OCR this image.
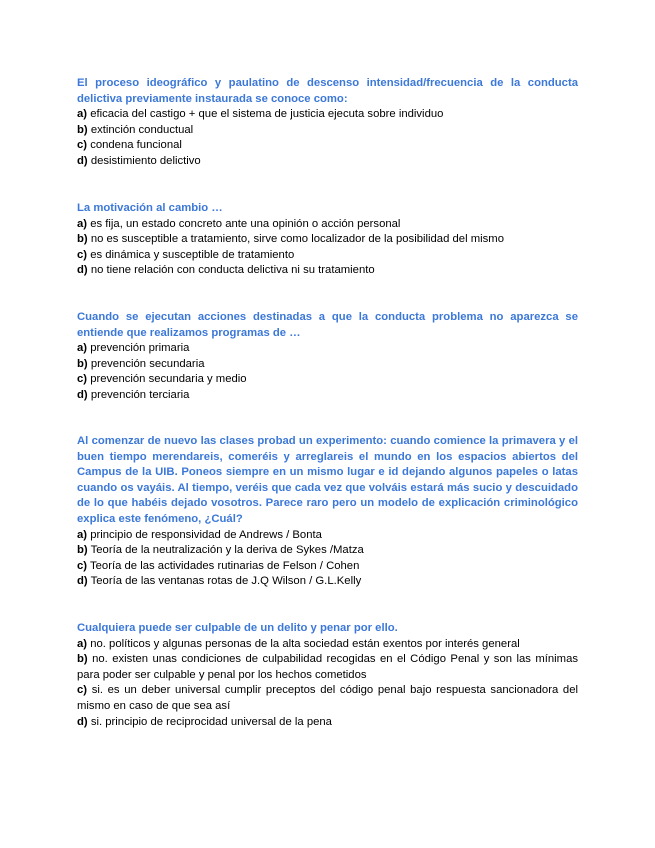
El proceso ideográfico y paulatino de descenso intensidad/frecuencia de la conducta delictiva previamente instaurada se conoce como:

a) eficacia del castigo + que el sistema de justicia ejecuta sobre individuo
b) extinción conductual
c) condena funcional
d) desistimiento delictivo

La motivación al cambio …

a) es fija, un estado concreto ante una opinión o acción personal
b) no es susceptible a tratamiento, sirve como localizador de la posibilidad del mismo
c) es dinámica y susceptible de tratamiento
d) no tiene relación con conducta delictiva ni su tratamiento

Cuando se ejecutan acciones destinadas a que la conducta problema no aparezca se entiende que realizamos programas de …

a) prevención primaria
b) prevención secundaria
c) prevención secundaria y medio
d) prevención terciaria

Al comenzar de nuevo las clases probad un experimento: cuando comience la primavera y el buen tiempo merendareis, comeréis y arreglareis el mundo en los espacios abiertos del Campus de la UIB. Poneos siempre en un mismo lugar e id dejando algunos papeles o latas cuando os vayáis. Al tiempo, veréis que cada vez que volváis estará más sucio y descuidado de lo que habéis dejado vosotros. Parece raro pero un modelo de explicación criminológico explica este fenómeno, ¿Cuál?

a) principio de responsividad de Andrews / Bonta
b) Teoría de la neutralización y la deriva de Sykes /Matza
c) Teoría de las actividades rutinarias de Felson / Cohen
d) Teoría de las ventanas rotas de J.Q Wilson / G.L.Kelly

Cualquiera puede ser culpable de un delito y penar por ello.

a) no. políticos y algunas personas de la alta sociedad están exentos por interés general
b) no. existen unas condiciones de culpabilidad recogidas en el Código Penal y son las mínimas para poder ser culpable y penal por los hechos cometidos
c) si. es un deber universal cumplir preceptos del código penal bajo respuesta sancionadora del mismo en caso de que sea así
d) si. principio de reciprocidad universal de la pena
